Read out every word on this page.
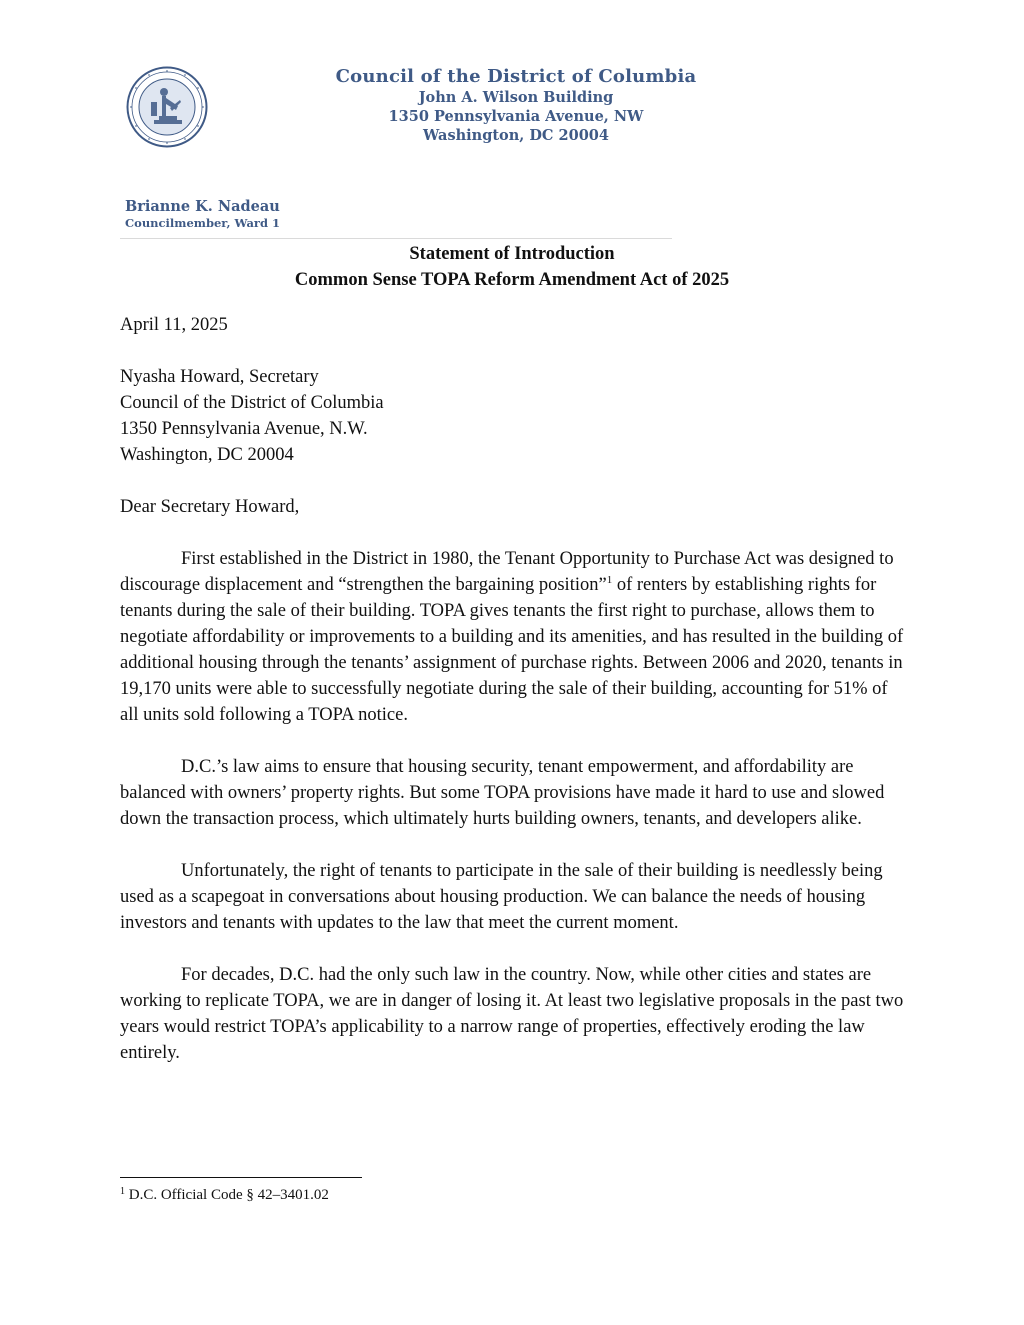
Council of the District of Columbia
John A. Wilson Building
1350 Pennsylvania Avenue, NW
Washington, DC 20004
Brianne K. Nadeau
Councilmember, Ward 1
Statement of Introduction
Common Sense TOPA Reform Amendment Act of 2025

April 11, 2025

Nyasha Howard, Secretary

Council of the District of Columbia

1350 Pennsylvania Avenue, N.W.

Washington, DC 20004

Dear Secretary Howard,

First established in the District in 1980, the Tenant Opportunity to Purchase Act was designed to discourage displacement and “strengthen the bargaining position”$^1$ of renters by establishing rights for tenants during the sale of their building. TOPA gives tenants the first right to purchase, allows them to negotiate affordability or improvements to a building and its amenities, and has resulted in the building of additional housing through the tenants’ assignment of purchase rights. Between 2006 and 2020, tenants in 19,170 units were able to successfully negotiate during the sale of their building, accounting for 51% of all units sold following a TOPA notice.

D.C.’s law aims to ensure that housing security, tenant empowerment, and affordability are balanced with owners’ property rights. But some TOPA provisions have made it hard to use and slowed down the transaction process, which ultimately hurts building owners, tenants, and developers alike.

Unfortunately, the right of tenants to participate in the sale of their building is needlessly being used as a scapegoat in conversations about housing production. We can balance the needs of housing investors and tenants with updates to the law that meet the current moment.

For decades, D.C. had the only such law in the country. Now, while other cities and states are working to replicate TOPA, we are in danger of losing it. At least two legislative proposals in the past two years would restrict TOPA’s applicability to a narrow range of properties, effectively eroding the law entirely.

$^1$ D.C. Official Code § 42–3401.02
